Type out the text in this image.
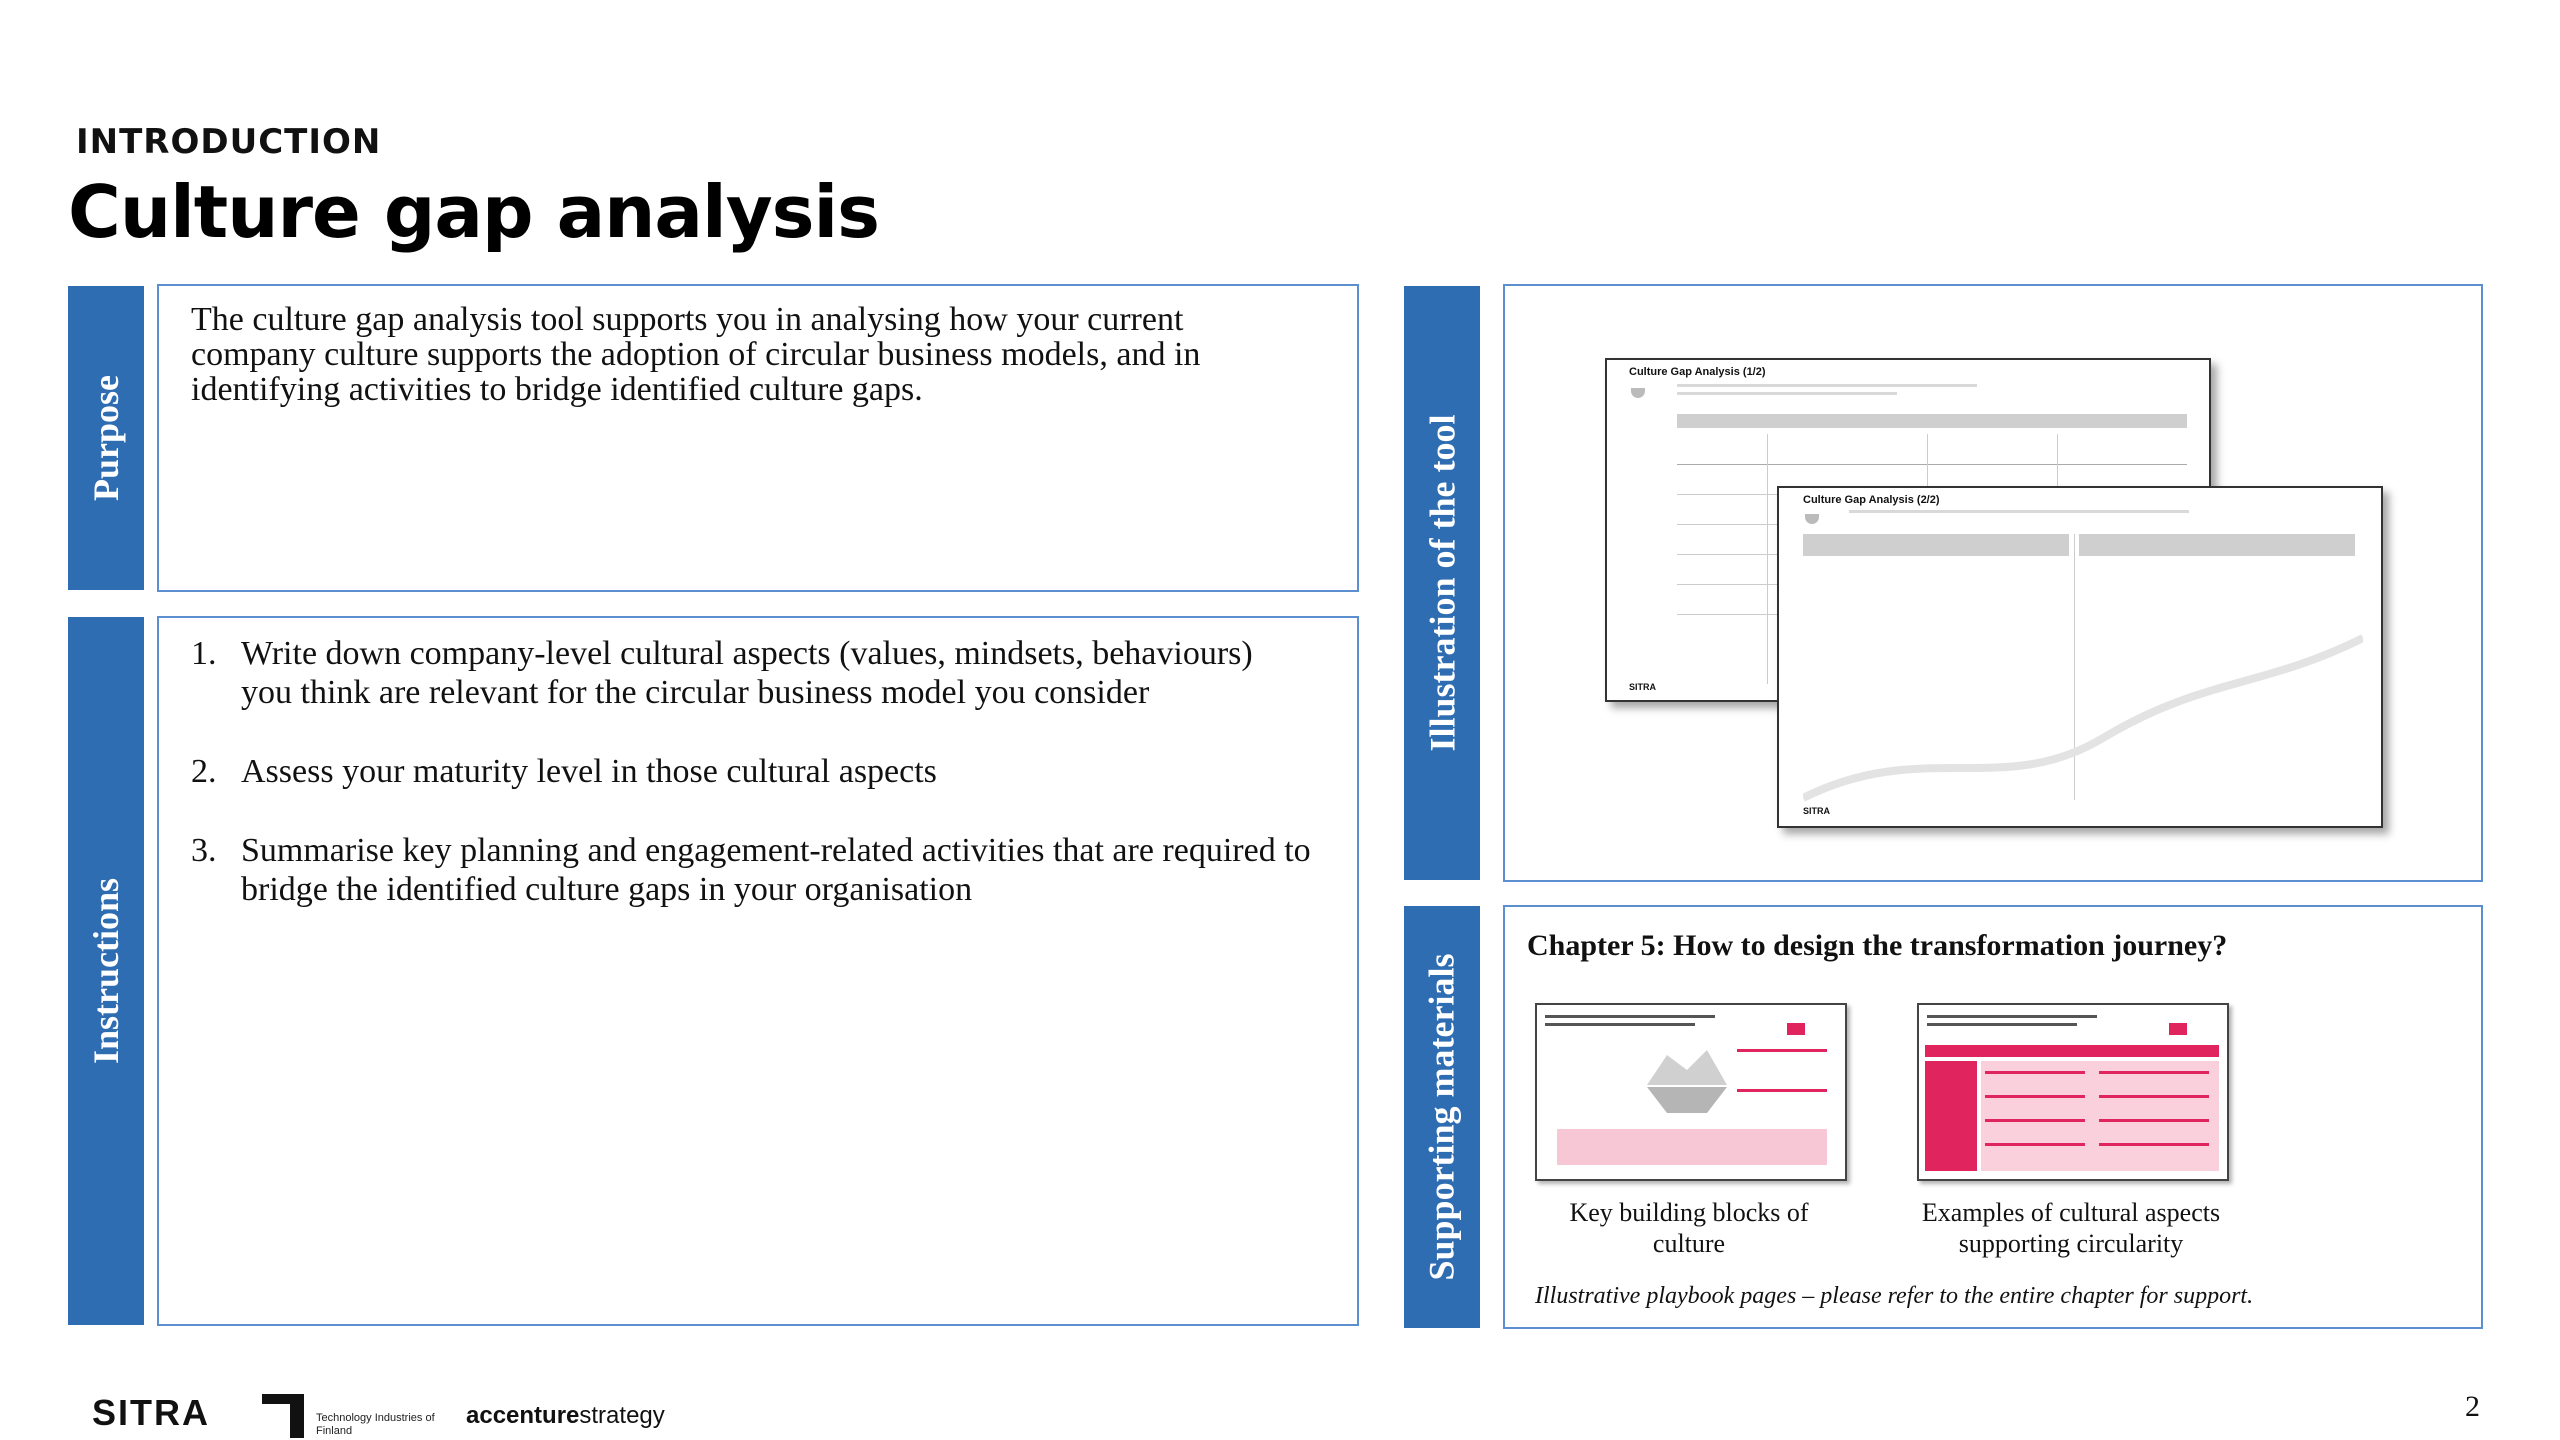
INTRODUCTION
Culture gap analysis
Purpose
The culture gap analysis tool supports you in analysing how your current company culture supports the adoption of circular business models, and in identifying activities to bridge identified culture gaps.
Instructions
1. Write down company-level cultural aspects (values, mindsets, behaviours) you think are relevant for the circular business model you consider
2. Assess your maturity level in those cultural aspects
3. Summarise key planning and engagement-related activities that are required to bridge the identified culture gaps in your organisation
Illustration of the tool
Culture Gap Analysis (1/2)
SITRA
Culture Gap Analysis (2/2)
SITRA
Supporting materials
Chapter 5: How to design the transformation journey?
Key building blocks of culture
Examples of cultural aspects supporting circularity
Illustrative playbook pages – please refer to the entire chapter for support.
SITRA	Technology Industries of Finland
accenturestrategy	2
